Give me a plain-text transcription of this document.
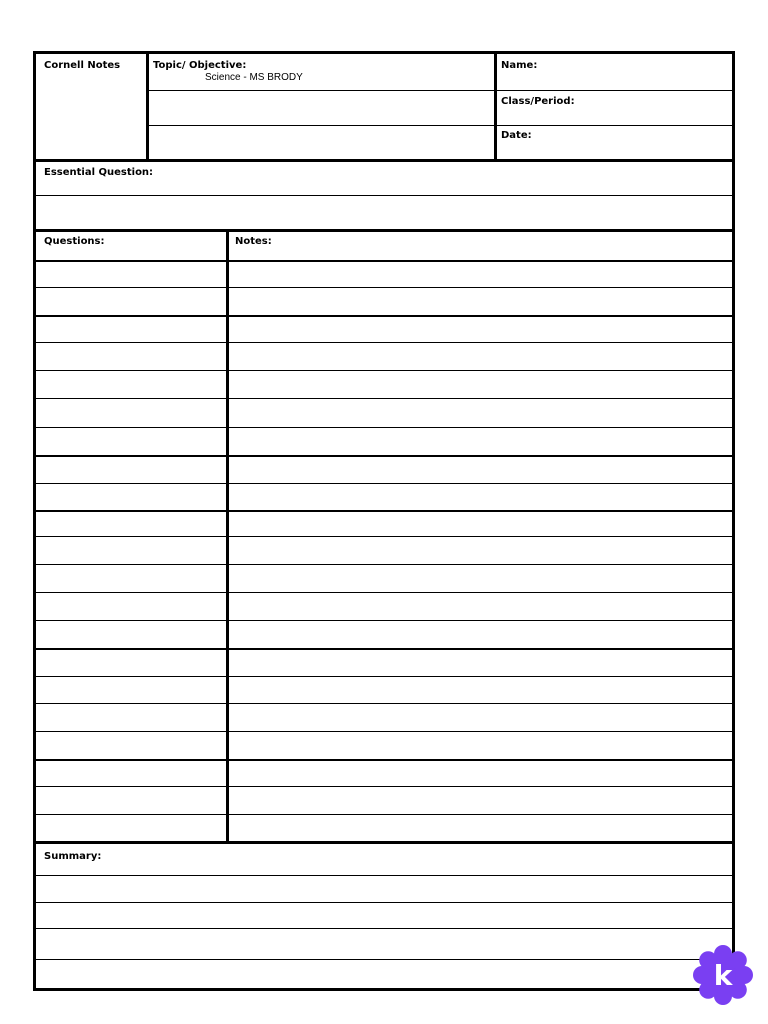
Cornell Notes	Topic/ Objective:
Science - MS BRODY
Name:
Class/Period:
Date:
Essential Question:
Questions:	Notes:
Summary:
k
